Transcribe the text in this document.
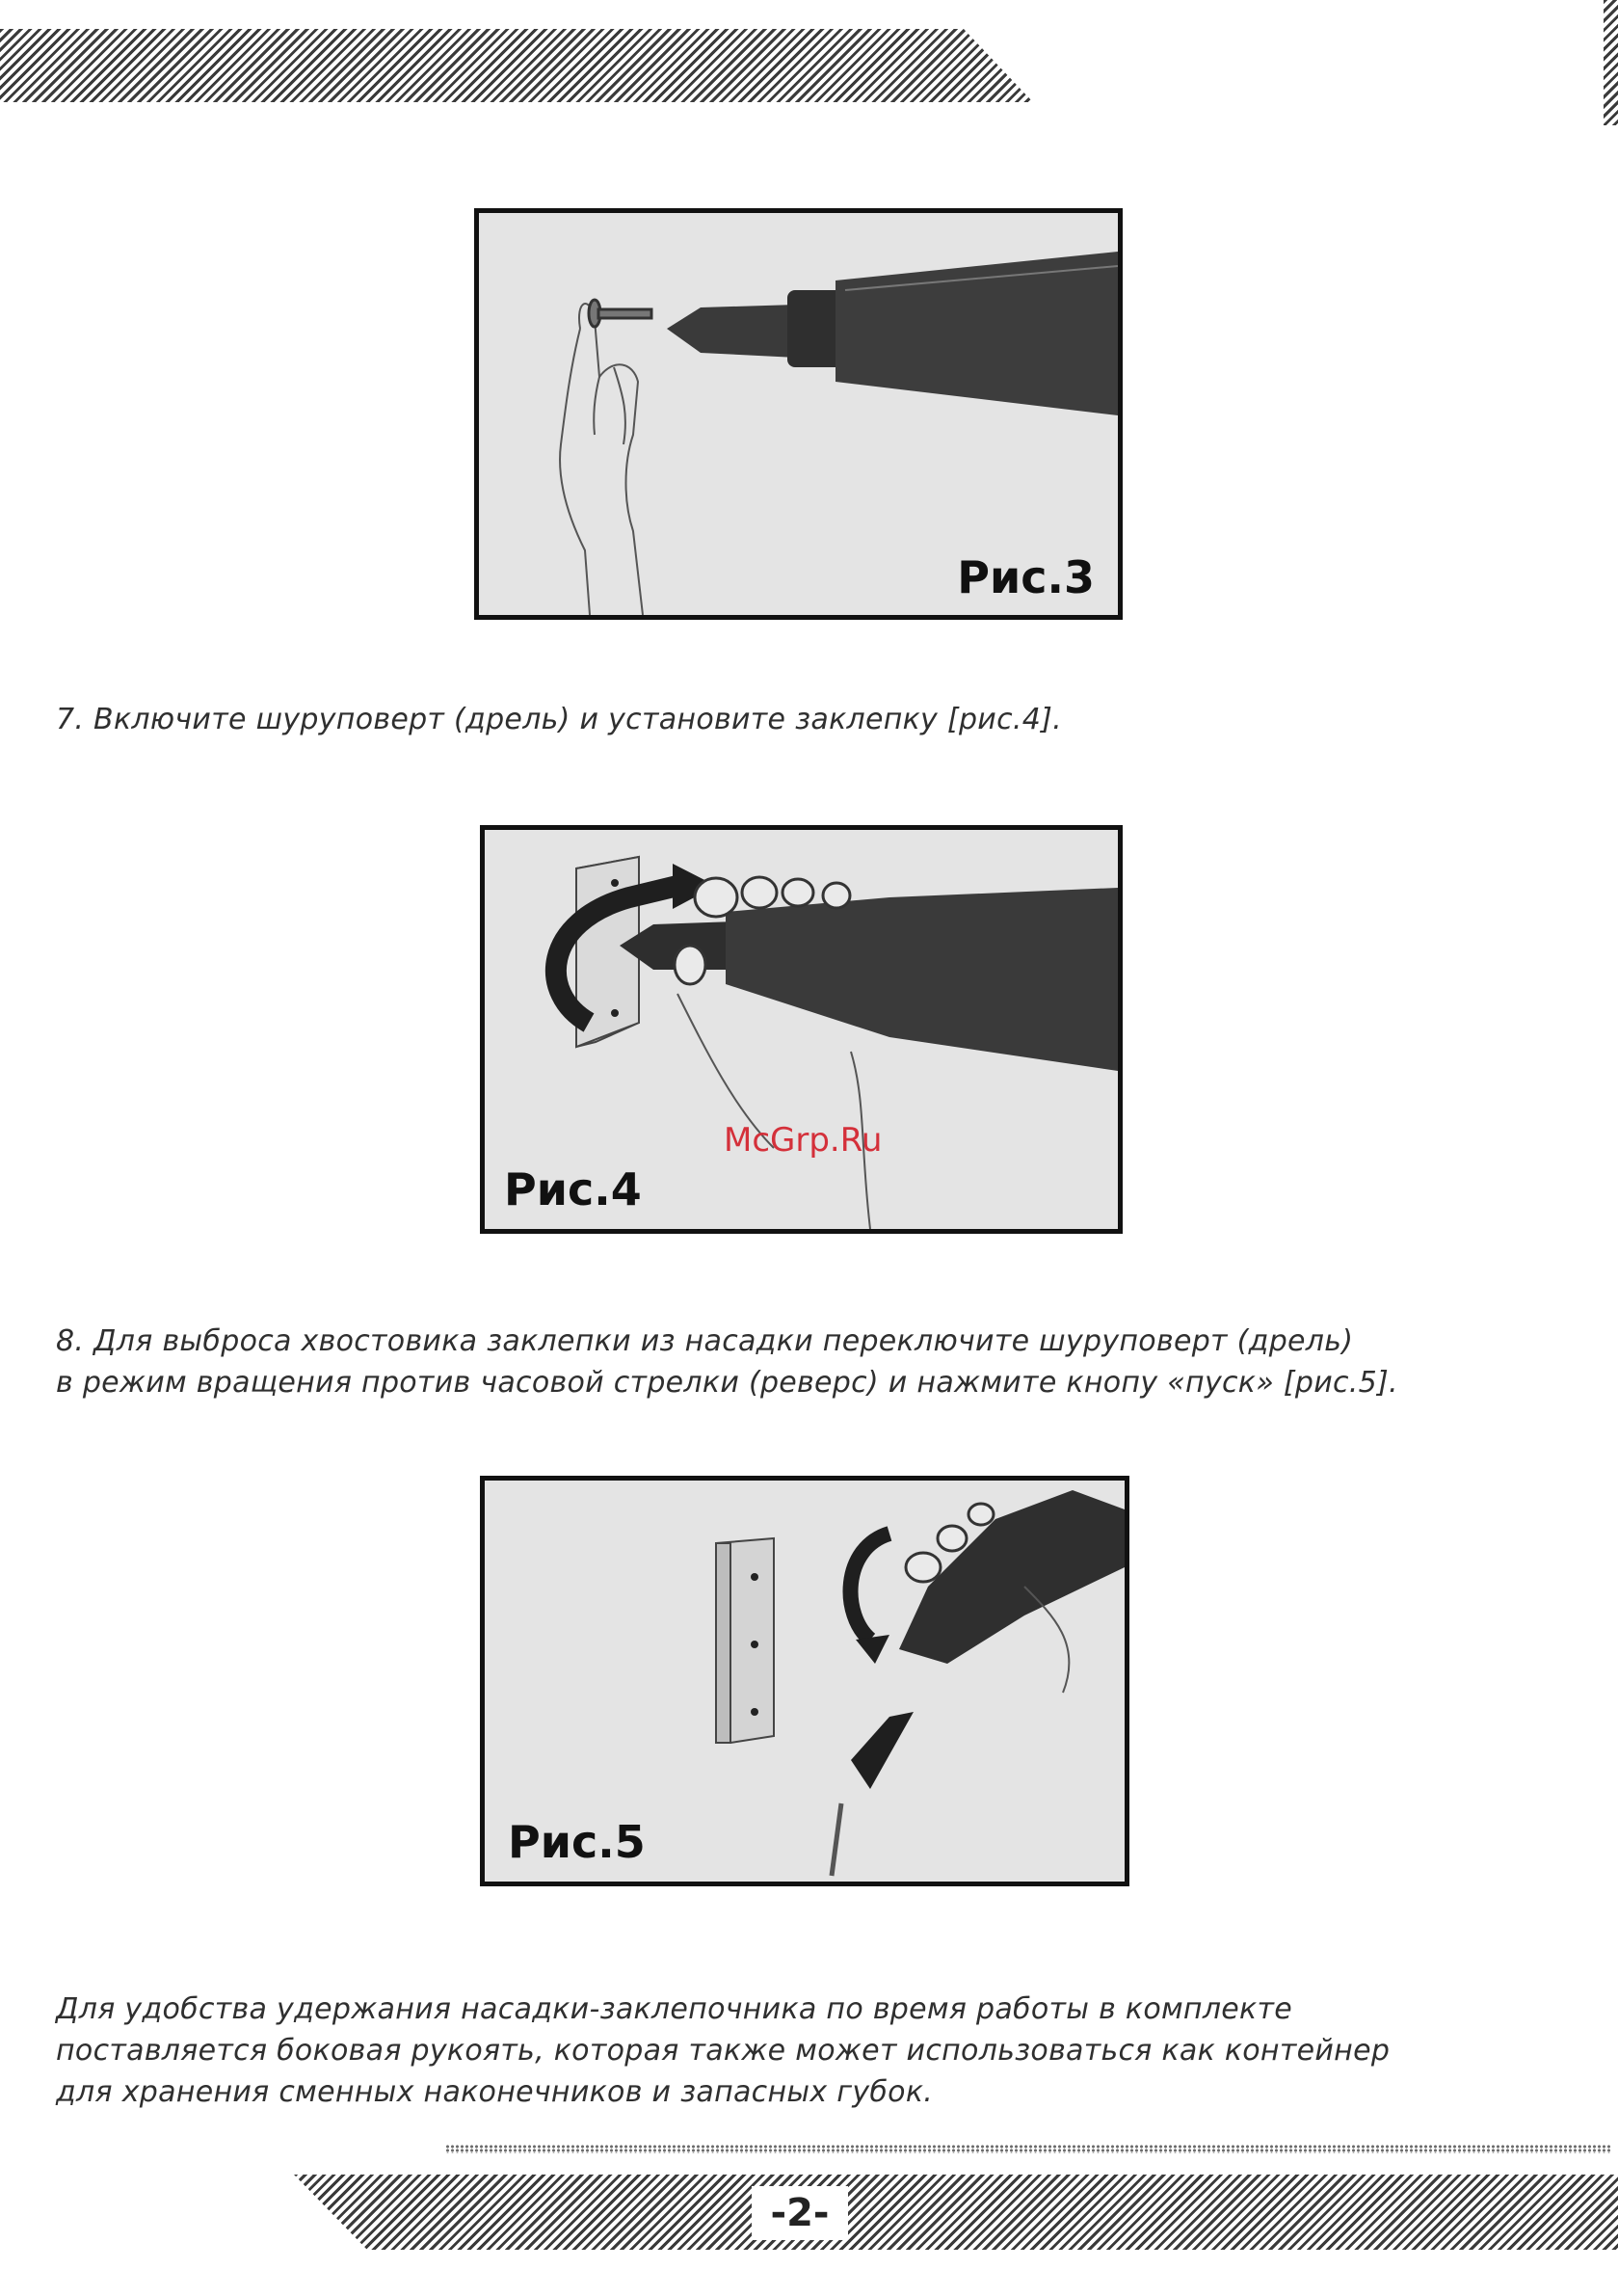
Рис.3
7. Включите шуруповерт (дрель) и установите заклепку [рис.4].
McGrp.Ru
Рис.4
8. Для выброса хвостовика заклепки из насадки переключите шуруповерт (дрель)
в режим вращения против часовой стрелки (реверс) и нажмите кнопу «пуск» [рис.5].
Рис.5
Для удобства удержания насадки-заклепочника по время работы в комплекте
поставляется боковая рукоять, которая также может использоваться как контейнер
для хранения сменных наконечников и запасных губок.
-2-
